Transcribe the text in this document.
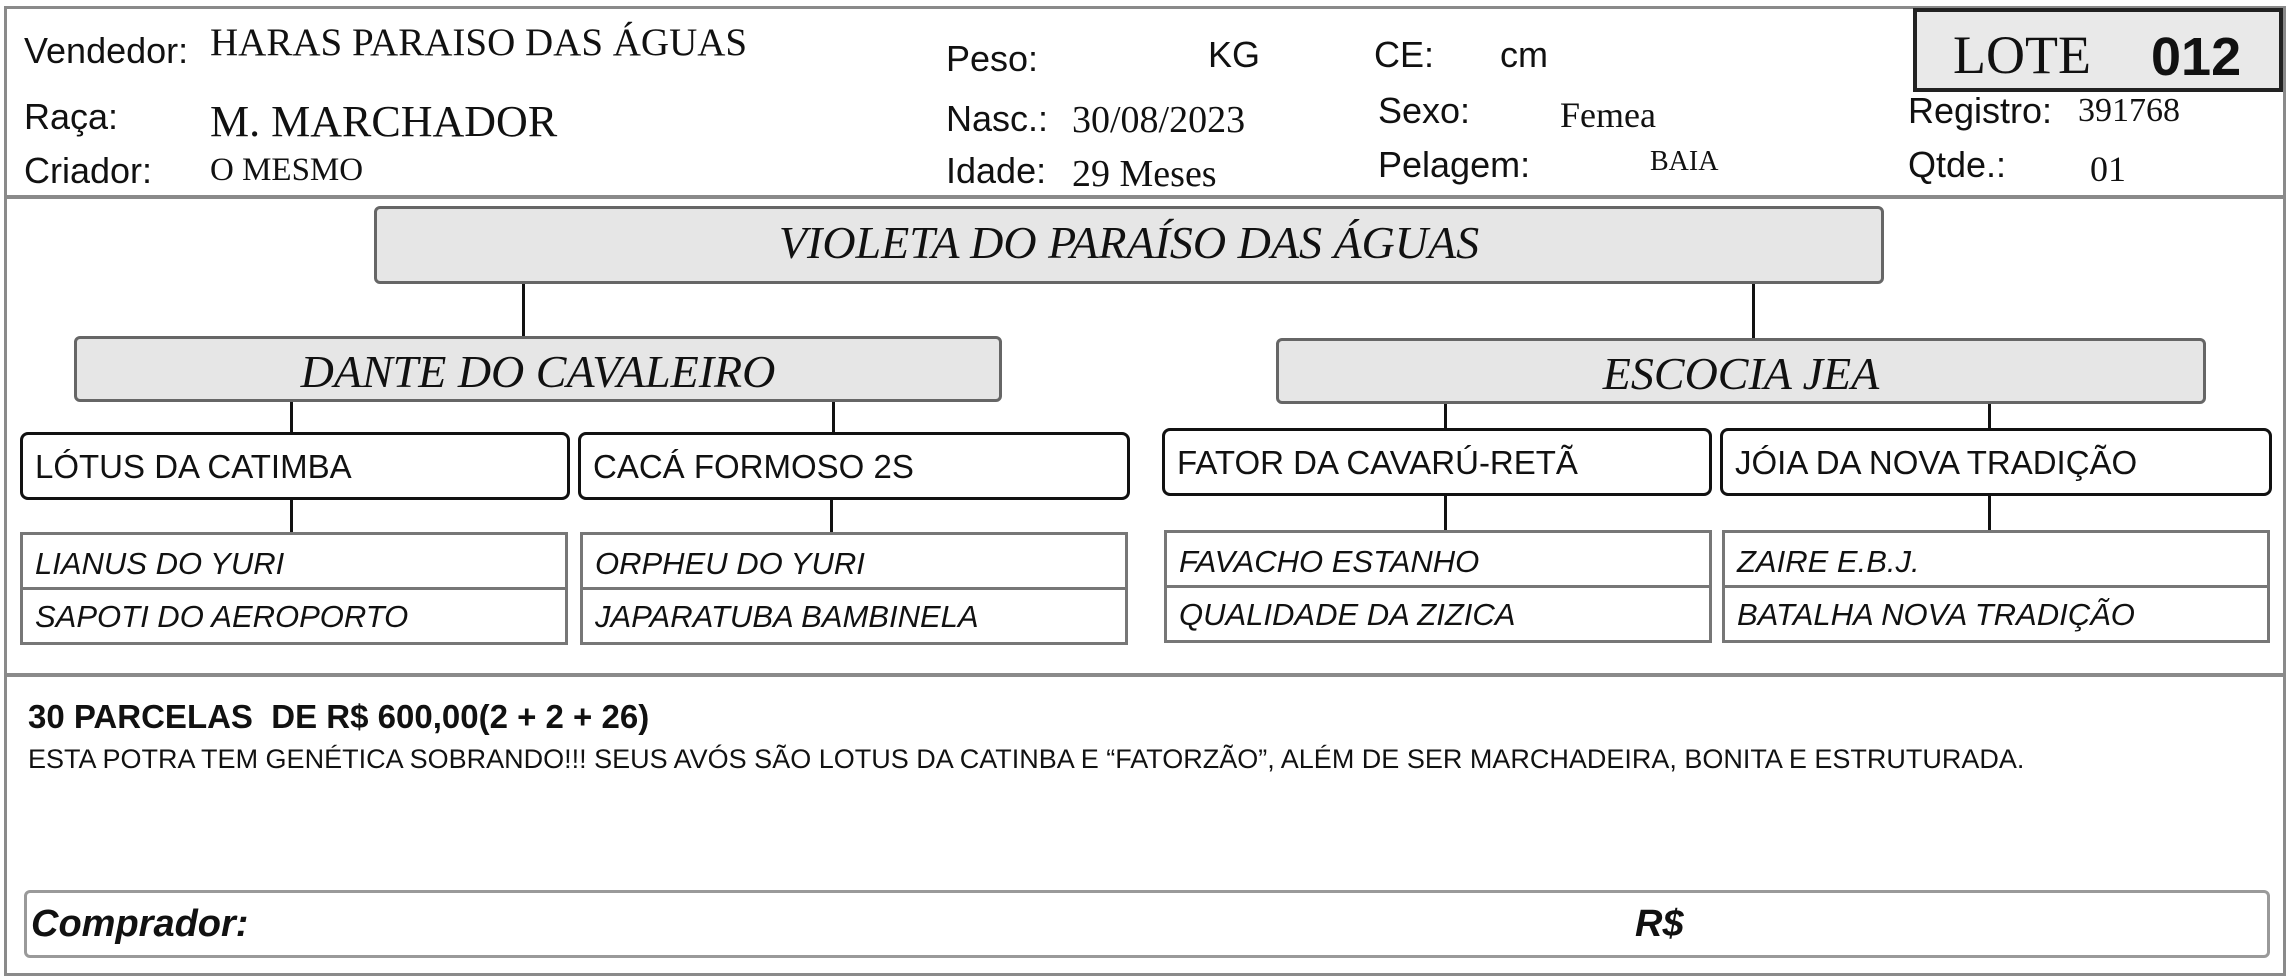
Vendedor: HARAS PARAISO DAS ÁGUAS
Raça: M. MARCHADOR
Criador: O MESMO
Peso:	KG
Nasc.: 30/08/2023
Idade: 29 Meses
CE: cm
Sexo: Femea
Pelagem:	BAIA
LOTE 012
Registro: 391768
Qtde.: 01
VIOLETA DO PARAÍSO DAS ÁGUAS
DANTE DO CAVALEIRO	ESCOCIA JEA
LÓTUS DA CATIMBA	CACÁ FORMOSO 2S	FATOR DA CAVARÚ-RETÃ	JÓIA DA NOVA TRADIÇÃO
LIANUS DO YURI
SAPOTI DO AEROPORTO
ORPHEU DO YURI
JAPARATUBA BAMBINELA
FAVACHO ESTANHO
QUALIDADE DA ZIZICA
ZAIRE E.B.J.
BATALHA NOVA TRADIÇÃO
30 PARCELAS  DE R$ 600,00(2 + 2 + 26)
ESTA POTRA TEM GENÉTICA SOBRANDO!!! SEUS AVÓS SÃO LOTUS DA CATINBA E “FATORZÃO”, ALÉM DE SER MARCHADEIRA, BONITA E ESTRUTURADA.
Comprador:	R$
